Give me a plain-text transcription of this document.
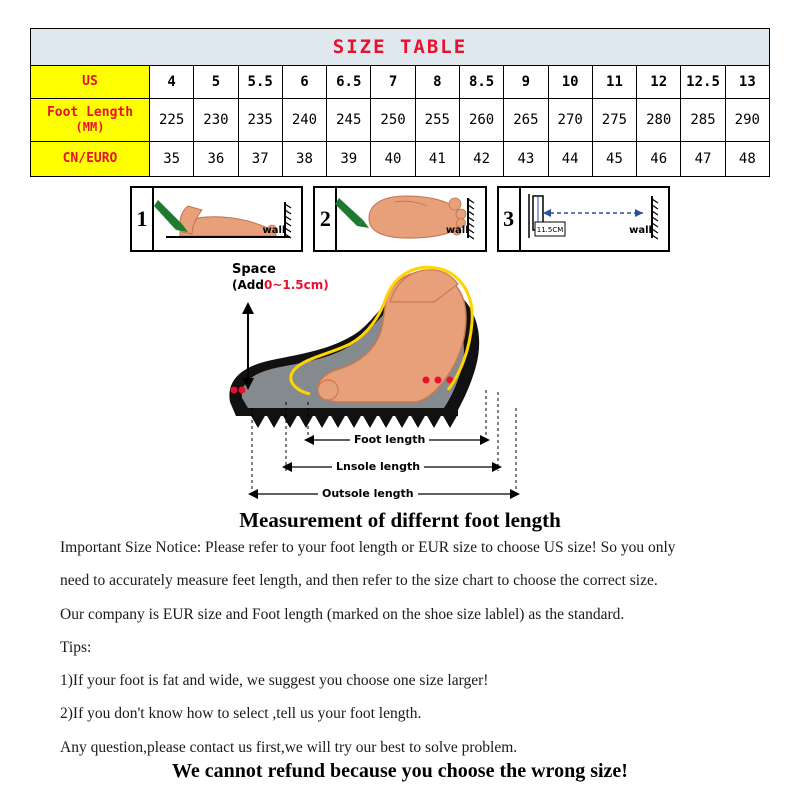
SIZE TABLE
US	4	5	5.5	6	6.5	7	8	8.5	9	10	11	12	12.5	13
Foot Length
(MM)	225	230	235	240	245	250	255	260	265	270	275	280	285	290
CN/EURO	35	36	37	38	39	40	41	42	43	44	45	46	47	48
1	wall 2	wall 3	11.5CM	wall
Space
(Add0~1.5cm)
Foot length
Lnsole length
Outsole length
Measurement of differnt foot length

Important Size Notice: Please refer to your foot length or EUR size to choose US size! So you only

need to accurately measure feet length, and then refer to the size chart to choose the correct size.

Our company is EUR size and Foot length (marked on the shoe size lablel) as the standard.

Tips:

1)If your foot is fat and wide, we suggest you choose one size larger!

2)If you don't know how to select ,tell us your foot length.

Any question,please contact us first,we will try our best to solve problem.

We cannot refund because you choose the wrong size!
